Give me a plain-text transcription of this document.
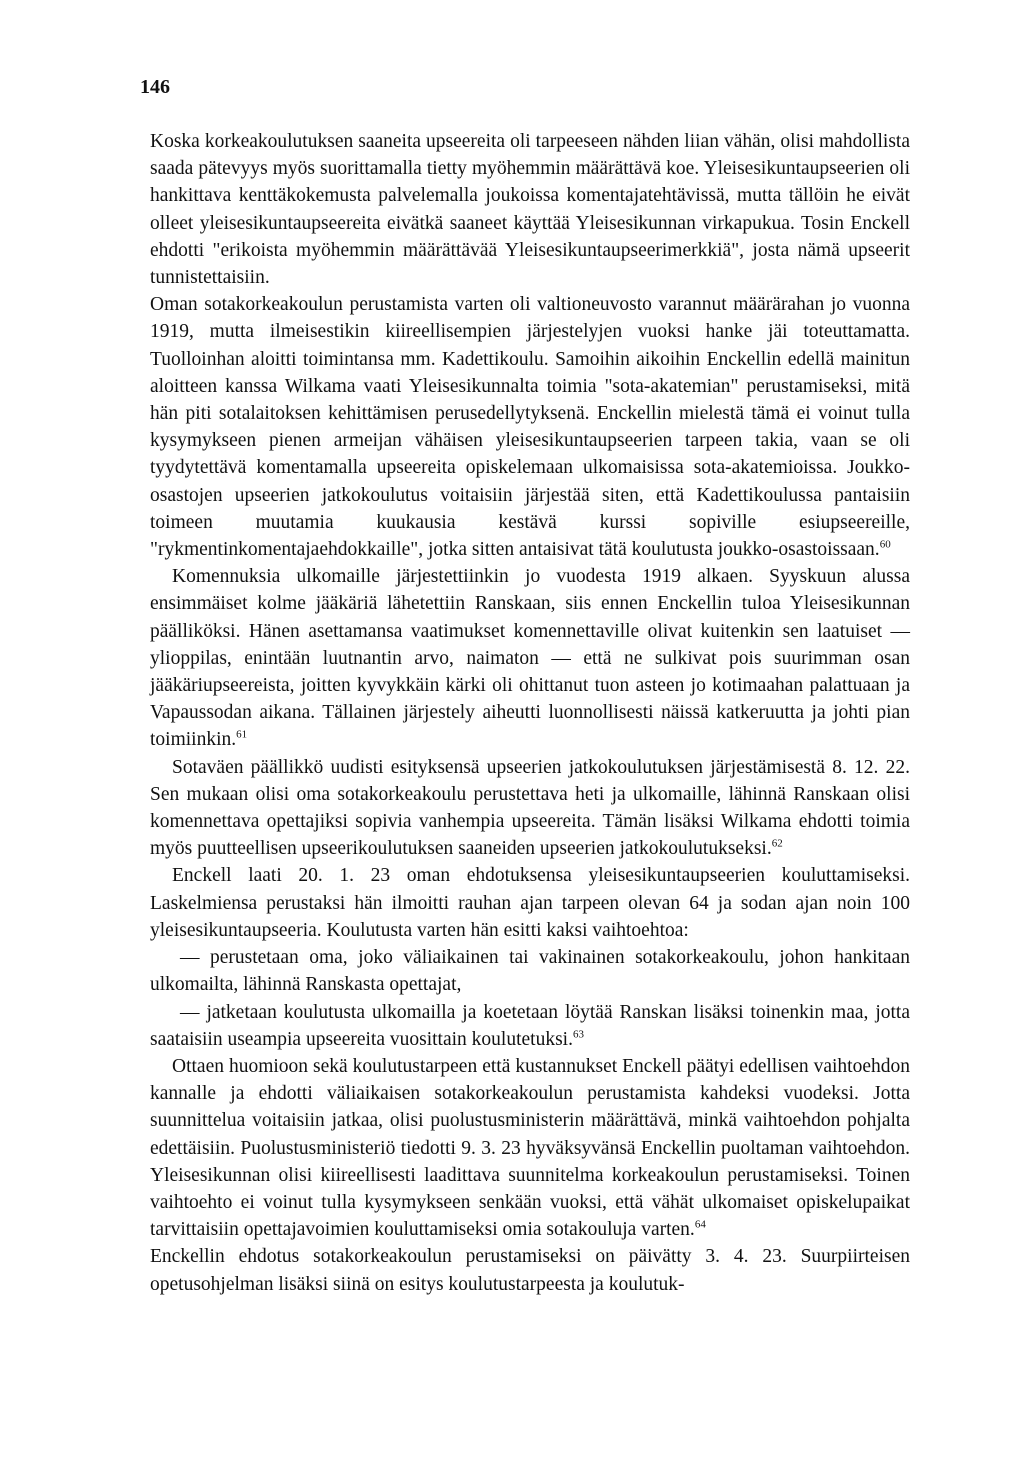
146

Koska korkeakoulutuksen saaneita upseereita oli tarpeeseen nähden liian vähän, olisi mahdollista saada pätevyys myös suorittamalla tietty myöhemmin määrättävä koe. Yleisesikuntaupseerien oli hankittava kenttäkokemusta palvelemalla joukoissa komentajatehtävissä, mutta tällöin he eivät olleet yleisesikuntaupseereita eivätkä saaneet käyttää Yleisesikunnan virkapukua. Tosin Enckell ehdotti "erikoista myöhemmin määrättävää Yleisesikuntaupseerimerkkiä", josta nämä upseerit tunnistettaisiin.

Oman sotakorkeakoulun perustamista varten oli valtioneuvosto varannut määrärahan jo vuonna 1919, mutta ilmeisestikin kiireellisempien järjestelyjen vuoksi hanke jäi toteuttamatta. Tuolloinhan aloitti toimintansa mm. Kadettikoulu. Samoihin aikoihin Enckellin edellä mainitun aloitteen kanssa Wilkama vaati Yleisesikunnalta toimia "sota-akatemian" perustamiseksi, mitä hän piti sotalaitoksen kehittämisen perusedellytyksenä. Enckellin mielestä tämä ei voinut tulla kysymykseen pienen armeijan vähäisen yleisesikuntaupseerien tarpeen takia, vaan se oli tyydytettävä komentamalla upseereita opiskelemaan ulkomaisissa sota-akatemioissa. Joukko-osastojen upseerien jatkokoulutus voitaisiin järjestää siten, että Kadettikoulussa pantaisiin toimeen muutamia kuukausia kestävä kurssi sopiville esiupseereille, "rykmentinkomentajaehdokkaille", jotka sitten antaisivat tätä koulutusta joukko-osastoissaan.$^{60}$

Komennuksia ulkomaille järjestettiinkin jo vuodesta 1919 alkaen. Syyskuun alussa ensimmäiset kolme jääkäriä lähetettiin Ranskaan, siis ennen Enckellin tuloa Yleisesikunnan päälliköksi. Hänen asettamansa vaatimukset komennettaville olivat kuitenkin sen laatuiset — ylioppilas, enintään luutnantin arvo, naimaton — että ne sulkivat pois suurimman osan jääkäriupseereista, joitten kyvykkäin kärki oli ohittanut tuon asteen jo kotimaahan palattuaan ja Vapaussodan aikana. Tällainen järjestely aiheutti luonnollisesti näissä katkeruutta ja johti pian toimiinkin.$^{61}$

Sotaväen päällikkö uudisti esityksensä upseerien jatkokoulutuksen järjestämisestä 8. 12. 22. Sen mukaan olisi oma sotakorkeakoulu perustettava heti ja ulkomaille, lähinnä Ranskaan olisi komennettava opettajiksi sopivia vanhempia upseereita. Tämän lisäksi Wilkama ehdotti toimia myös puutteellisen upseerikoulutuksen saaneiden upseerien jatkokoulutukseksi.$^{62}$

Enckell laati 20. 1. 23 oman ehdotuksensa yleisesikuntaupseerien kouluttamiseksi. Laskelmiensa perustaksi hän ilmoitti rauhan ajan tarpeen olevan 64 ja sodan ajan noin 100 yleisesikuntaupseeria. Koulutusta varten hän esitti kaksi vaihtoehtoa:

— perustetaan oma, joko väliaikainen tai vakinainen sotakorkeakoulu, johon hankitaan ulkomailta, lähinnä Ranskasta opettajat,

— jatketaan koulutusta ulkomailla ja koetetaan löytää Ranskan lisäksi toinenkin maa, jotta saataisiin useampia upseereita vuosittain koulutetuksi.$^{63}$

Ottaen huomioon sekä koulutustarpeen että kustannukset Enckell päätyi edellisen vaihtoehdon kannalle ja ehdotti väliaikaisen sotakorkeakoulun perustamista kahdeksi vuodeksi. Jotta suunnittelua voitaisiin jatkaa, olisi puolustusministerin määrättävä, minkä vaihtoehdon pohjalta edettäisiin. Puolustusministeriö tiedotti 9. 3. 23 hyväksyvänsä Enckellin puoltaman vaihtoehdon. Yleisesikunnan olisi kiireellisesti laadittava suunnitelma korkeakoulun perustamiseksi. Toinen vaihtoehto ei voinut tulla kysymykseen senkään vuoksi, että vähät ulkomaiset opiskelupaikat tarvittaisiin opettajavoimien kouluttamiseksi omia sotakouluja varten.$^{64}$

Enckellin ehdotus sotakorkeakoulun perustamiseksi on päivätty 3. 4. 23. Suurpiirteisen opetusohjelman lisäksi siinä on esitys koulutustarpeesta ja koulutuk-
